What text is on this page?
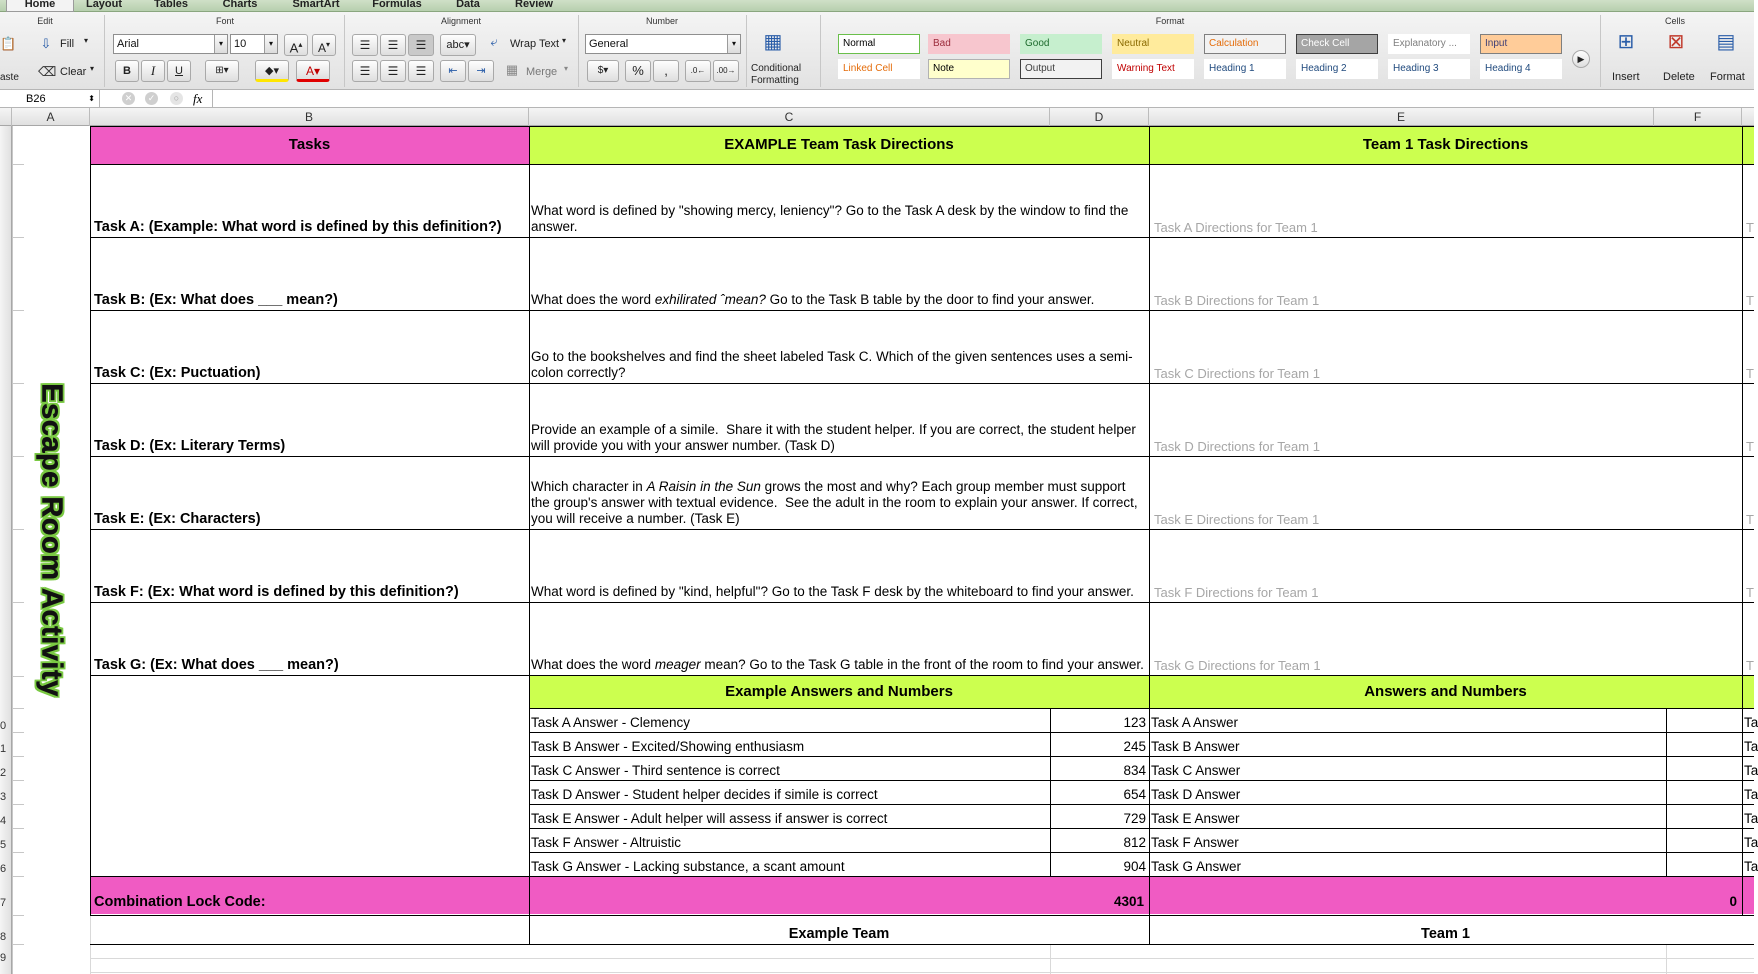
Home	Layout	Tables	Charts	SmartArt	Formulas	Data	Review
Edit
📋
aste
⇩ Fill ▾
⌫ Clear ▾
Font
Arial	▾	10	▾	A▴	A▾
B	I	U	⊞▾	◆▾	A▾
Alignment
☰	☰	☰	abc▾	⤶	Wrap Text ▾
☰	☰	☰	⇤	⇥	▦ Merge ▾
Number
General	▾
$▾	%	,	.0←	.00→
Format
▦
Conditional
Formatting
Normal	Bad	Good	Neutral	Calculation	Check Cell	Explanatory ...	Input
Linked Cell	Note	Output	Warning Text	Heading 1	Heading 2	Heading 3	Heading 4
▶
Cells
⊞
Insert
⊠
Delete
▤
Format
B26	⬍	✕	✓	○ fx
A	B	C	D	E	F
0
1
2
3
4
5
6
7
8
9
Escape Room Activity
Tasks	EXAMPLE Team Task Directions	Team 1 Task Directions
Task A: (Example: What word is defined by this definition?)
What word is defined by "showing mercy, leniency"? Go to the Task A desk by the window to find the answer.	Task A Directions for Team 1	T
Task B: (Ex: What does ___ mean?)	What does the word exhilirated ˆmean? Go to the Task B table by the door to find your answer.	Task B Directions for Team 1	T
Task C: (Ex: Puctuation)
Go to the bookshelves and find the sheet labeled Task C. Which of the given sentences uses a semi-colon correctly?	Task C Directions for Team 1	T
Task D: (Ex: Literary Terms)
Provide an example of a simile.  Share it with the student helper. If you are correct, the student helper will provide you with your answer number. (Task D)	Task D Directions for Team 1	T
Task E: (Ex: Characters)
Which character in A Raisin in the Sun grows the most and why? Each group member must support the group's answer with textual evidence.  See the adult in the room to explain your answer. If correct, you will receive a number. (Task E)	Task E Directions for Team 1	T
Task F: (Ex: What word is defined by this definition?)	What word is defined by "kind, helpful"? Go to the Task F desk by the whiteboard to find your answer. Task F Directions for Team 1	T
Task G: (Ex: What does ___ mean?)	What does the word meager mean? Go to the Task G table in the front of the room to find your answer. Task G Directions for Team 1	T
Example Answers and Numbers	Answers and Numbers
Task A Answer - Clemency	123 Task A Answer	Ta
Task B Answer - Excited/Showing enthusiasm	245 Task B Answer	Ta
Task C Answer - Third sentence is correct	834 Task C Answer	Ta
Task D Answer - Student helper decides if simile is correct	654 Task D Answer	Ta
Task E Answer - Adult helper will assess if answer is correct	729 Task E Answer	Ta
Task F Answer - Altruistic	812 Task F Answer	Ta
Task G Answer - Lacking substance, a scant amount	904 Task G Answer	Ta
Combination Lock Code:	4301	0
Example Team	Team 1
